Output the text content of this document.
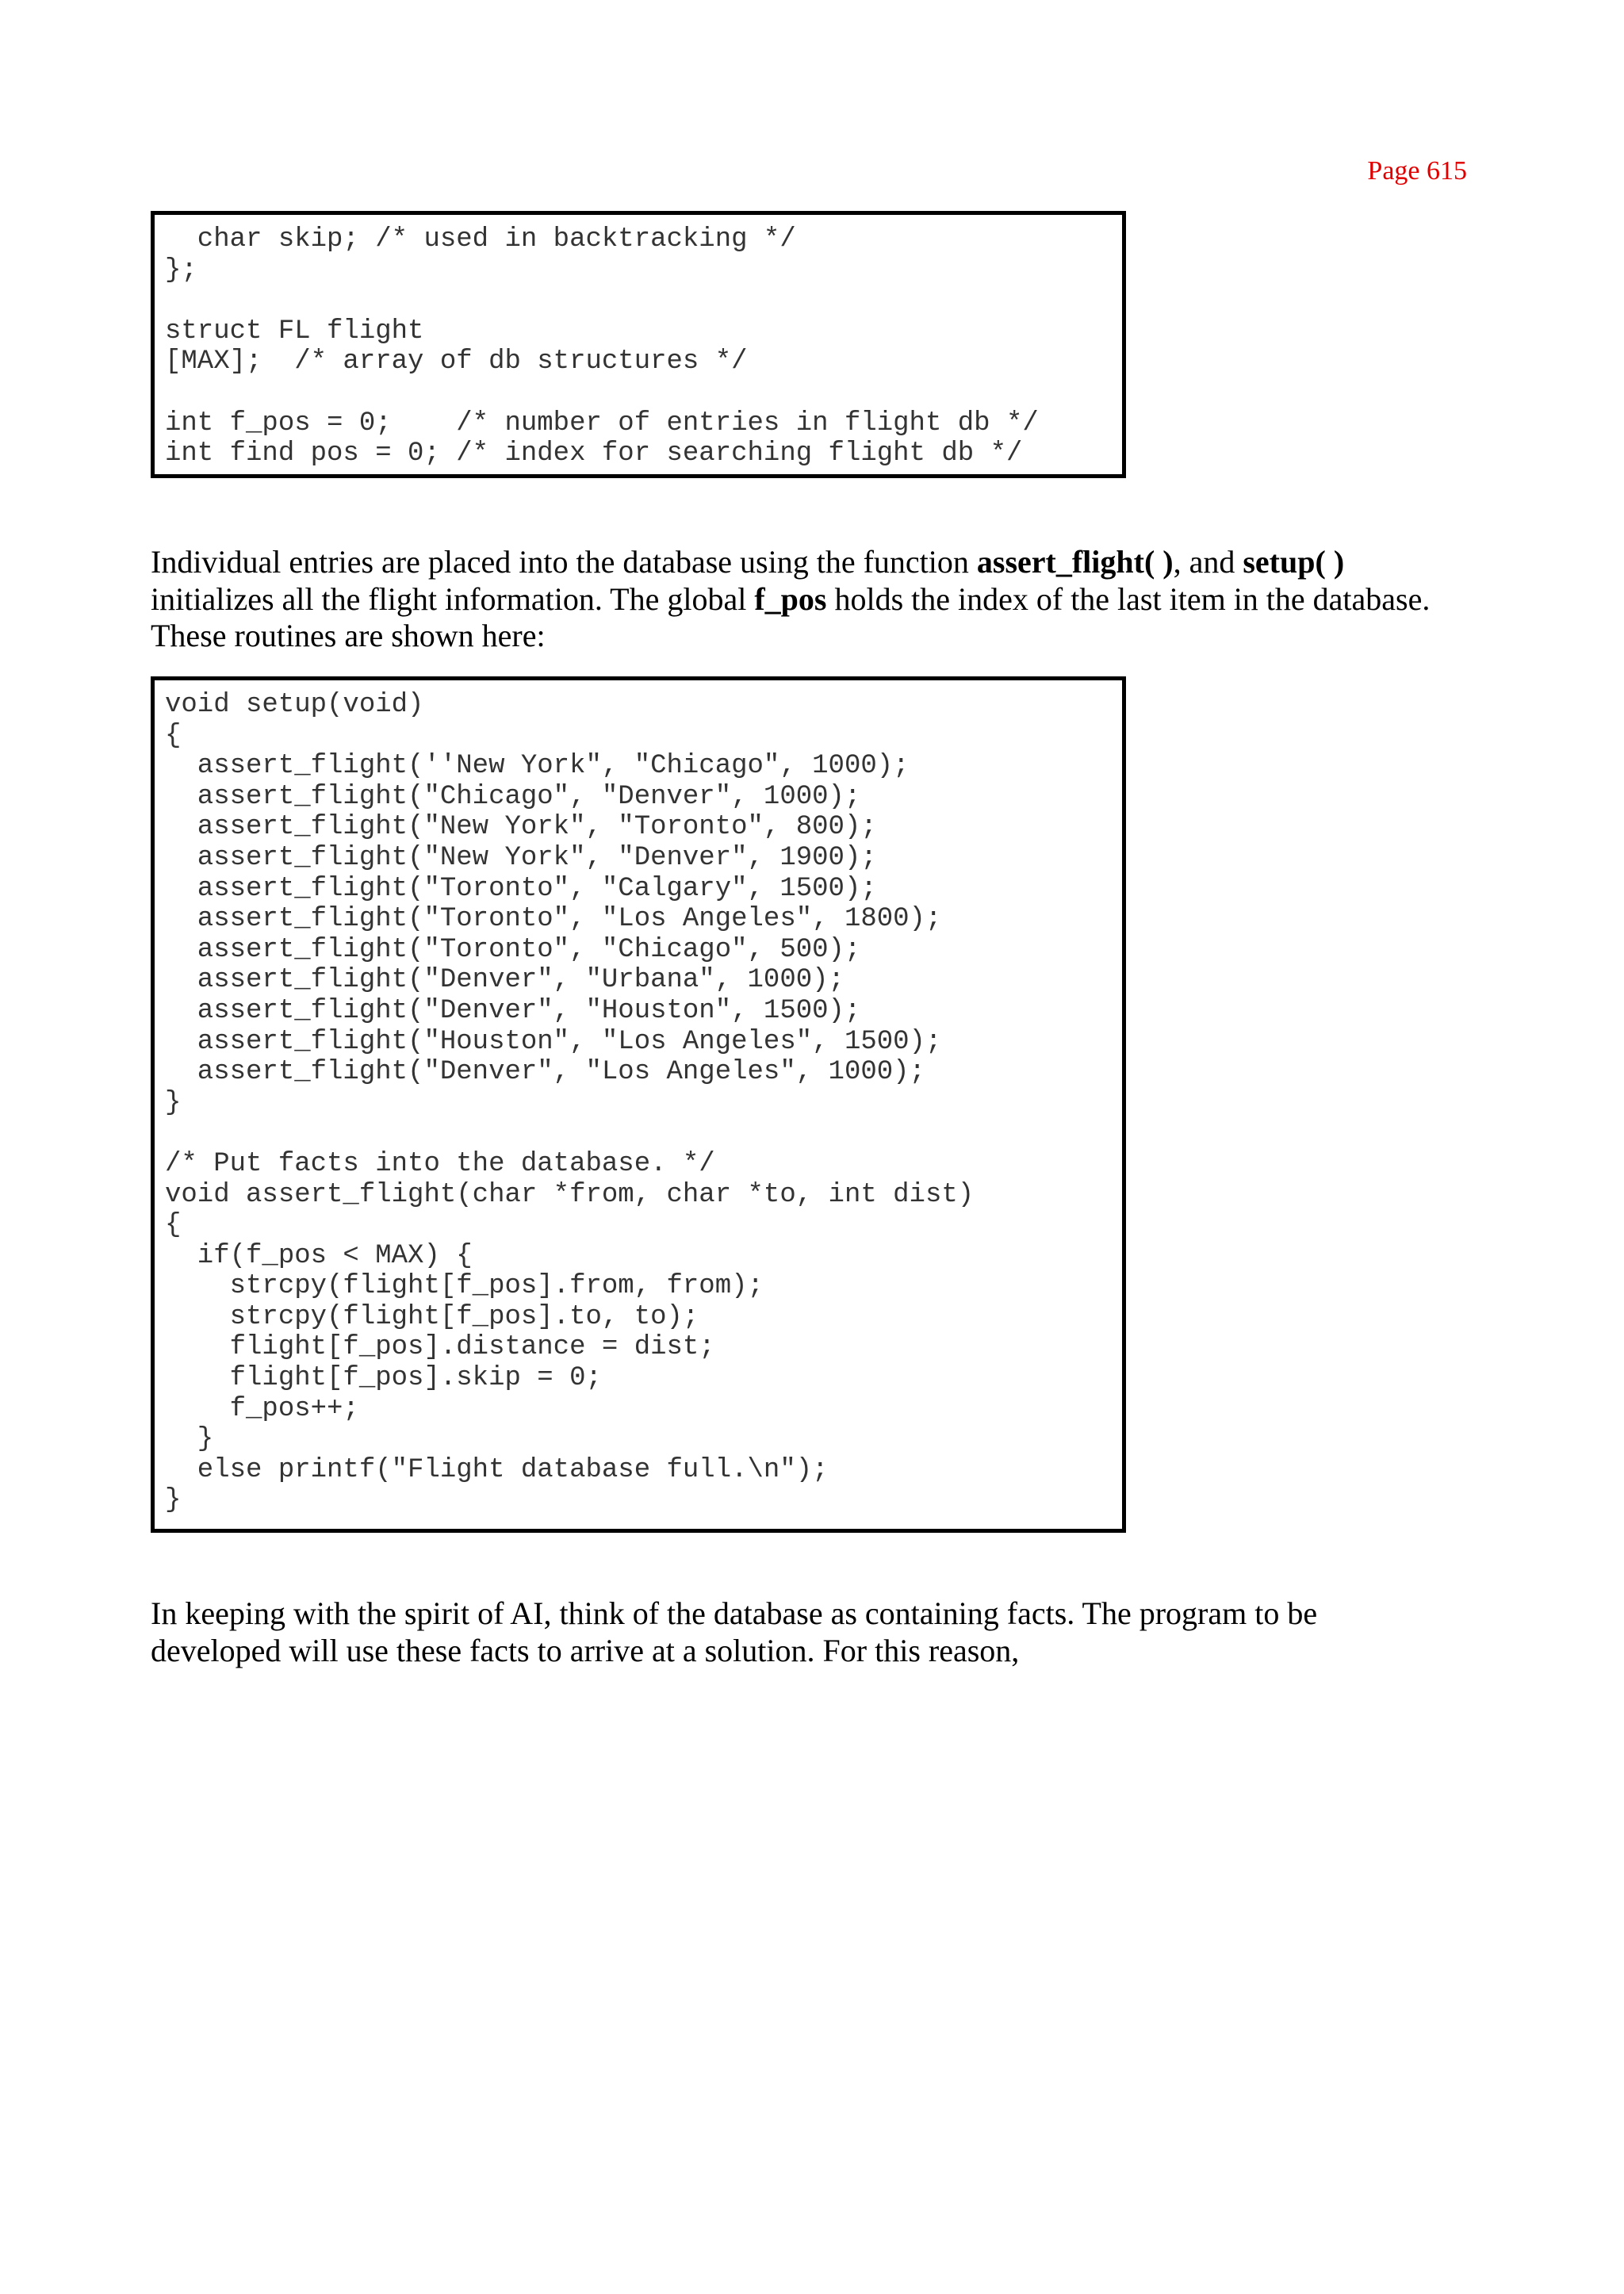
Page 615
char skip; /* used in backtracking */
};
struct FL flight
[MAX];  /* array of db structures */
int f_pos = 0;    /* number of entries in flight db */
int find pos = 0; /* index for searching flight db */

Individual entries are placed into the database using the function assert_flight( ), and setup( )
initializes all the flight information. The global f_pos holds the index of the last item in the database.
These routines are shown here:

void setup(void)
{
assert_flight(''New York", "Chicago", 1000);
assert_flight("Chicago", "Denver", 1000);
assert_flight("New York", "Toronto", 800);
assert_flight("New York", "Denver", 1900);
assert_flight("Toronto", "Calgary", 1500);
assert_flight("Toronto", "Los Angeles", 1800);
assert_flight("Toronto", "Chicago", 500);
assert_flight("Denver", "Urbana", 1000);
assert_flight("Denver", "Houston", 1500);
assert_flight("Houston", "Los Angeles", 1500);
assert_flight("Denver", "Los Angeles", 1000);
}
/* Put facts into the database. */
void assert_flight(char *from, char *to, int dist)
{
if(f_pos < MAX) {
strcpy(flight[f_pos].from, from);
strcpy(flight[f_pos].to, to);
flight[f_pos].distance = dist;
flight[f_pos].skip = 0;
f_pos++;
}
else printf("Flight database full.\n");
}

In keeping with the spirit of AI, think of the database as containing facts. The program to be
developed will use these facts to arrive at a solution. For this reason,
